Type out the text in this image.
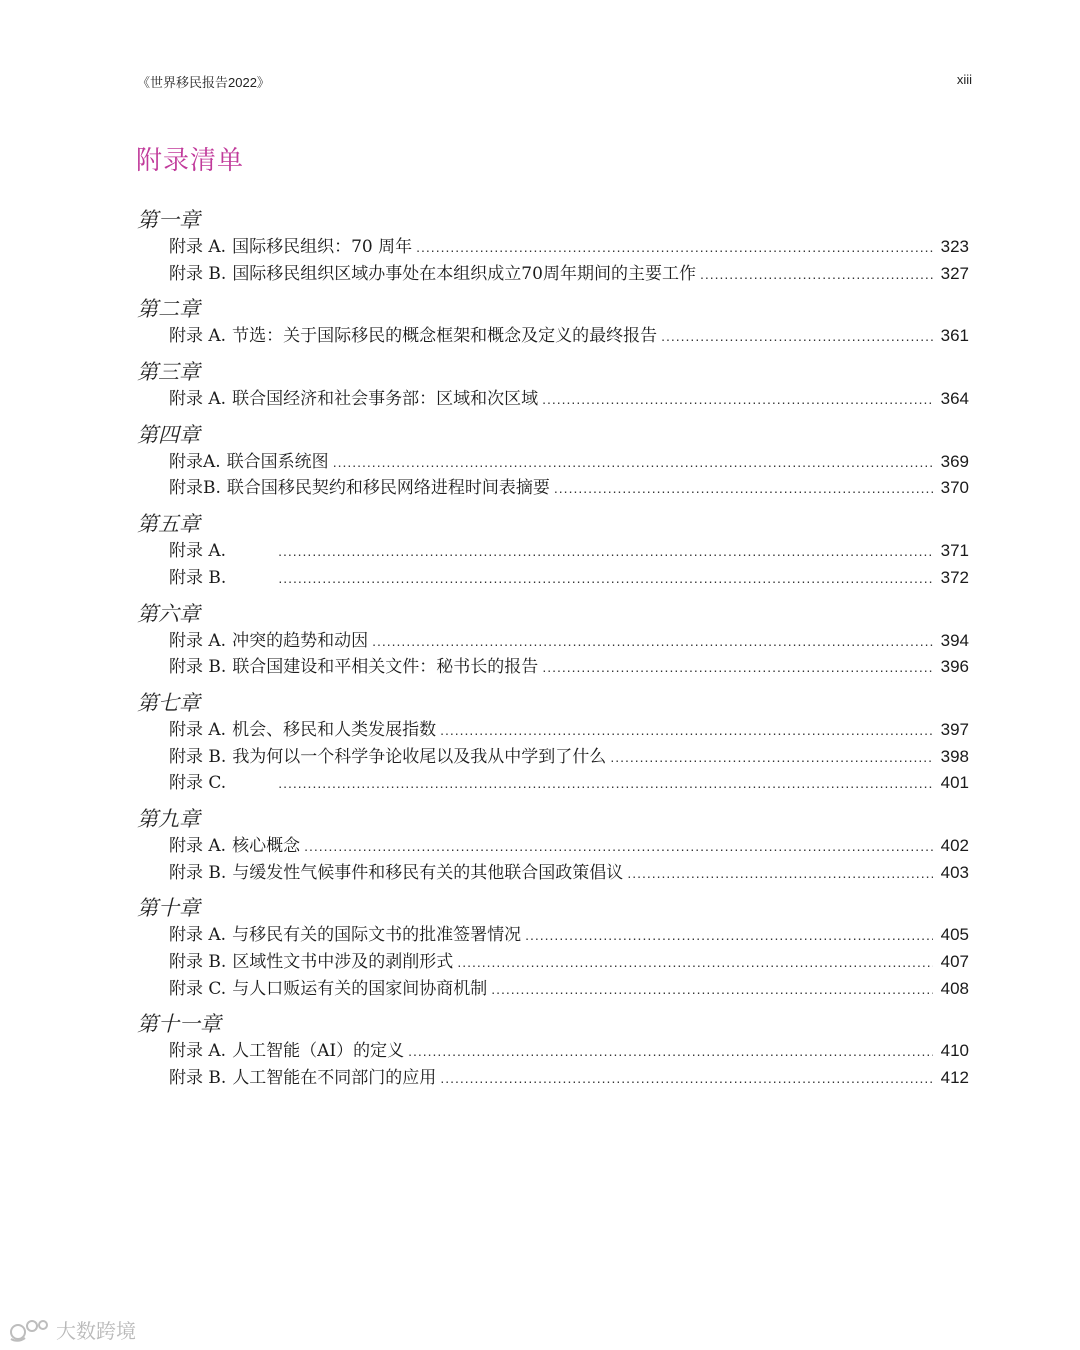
《世界移民报告2022》	xiii
附录清单
第一章
附录 A. 国际移民组织：70 周年 .....	323
附录 B. 国际移民组织区域办事处在本组织成立70周年期间的主要工作 .....	327
第二章
附录 A. 节选：关于国际移民的概念框架和概念及定义的最终报告 .....	361
第三章
附录 A. 联合国经济和社会事务部：区域和次区域 .....	364
第四章
附录A. 联合国系统图 .....	369
附录B. 联合国移民契约和移民网络进程时间表摘要 .....	370
第五章
附录 A. .....	371
附录 B. .....	372
第六章
附录 A. 冲突的趋势和动因 .....	394
附录 B. 联合国建设和平相关文件：秘书长的报告 .....	396
第七章
附录 A. 机会、移民和人类发展指数 .....	397
附录 B. 我为何以一个科学争论收尾以及我从中学到了什么 .....	398
附录 C. .....	401
第九章
附录 A. 核心概念 .....	402
附录 B. 与缓发性气候事件和移民有关的其他联合国政策倡议 .....	403
第十章
附录 A. 与移民有关的国际文书的批准签署情况 .....	405
附录 B. 区域性文书中涉及的剥削形式 .....	407
附录 C. 与人口贩运有关的国家间协商机制 .....	408
第十一章
附录 A. 人工智能（AI）的定义 .....	410
附录 B. 人工智能在不同部门的应用 .....	412
大数跨境
